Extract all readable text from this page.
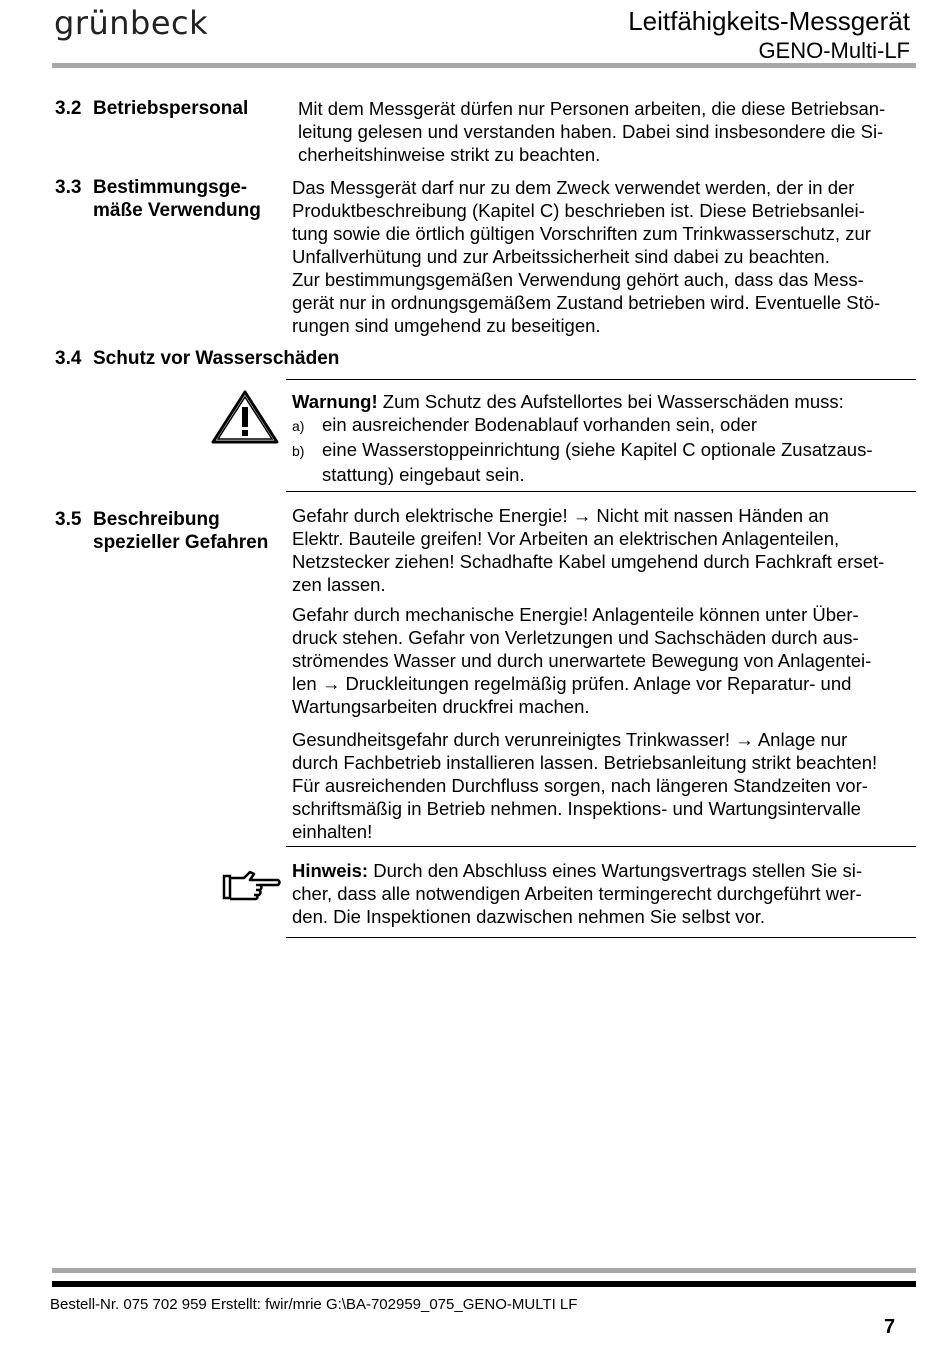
grünbeck	Leitfähigkeits-Messgerät
GENO-Multi-LF
3.2 Betriebspersonal	Mit dem Messgerät dürfen nur Personen arbeiten, die diese Betriebsan-

leitung gelesen und verstanden haben. Dabei sind insbesondere die Si-

cherheitshinweise strikt zu beachten.

3.3 Bestimmungsge-

mäße Verwendung

Das Messgerät darf nur zu dem Zweck verwendet werden, der in der

Produktbeschreibung (Kapitel C) beschrieben ist. Diese Betriebsanlei-

tung sowie die örtlich gültigen Vorschriften zum Trinkwasserschutz, zur

Unfallverhütung und zur Arbeitssicherheit sind dabei zu beachten.

Zur bestimmungsgemäßen Verwendung gehört auch, dass das Mess-

gerät nur in ordnungsgemäßem Zustand betrieben wird. Eventuelle Stö-

rungen sind umgehend zu beseitigen.

3.4 Schutz vor Wasserschäden

Warnung! Zum Schutz des Aufstellortes bei Wasserschäden muss:

a) ein ausreichender Bodenablauf vorhanden sein, oder

b) eine Wasserstoppeinrichtung (siehe Kapitel C optionale Zusatzaus-

stattung) eingebaut sein.

3.5 Beschreibung

spezieller Gefahren

Gefahr durch elektrische Energie! → Nicht mit nassen Händen an

Elektr. Bauteile greifen! Vor Arbeiten an elektrischen Anlagenteilen,

Netzstecker ziehen! Schadhafte Kabel umgehend durch Fachkraft erset-

zen lassen.

Gefahr durch mechanische Energie! Anlagenteile können unter Über-

druck stehen. Gefahr von Verletzungen und Sachschäden durch aus-

strömendes Wasser und durch unerwartete Bewegung von Anlagentei-

len → Druckleitungen regelmäßig prüfen. Anlage vor Reparatur- und

Wartungsarbeiten druckfrei machen.

Gesundheitsgefahr durch verunreinigtes Trinkwasser! → Anlage nur

durch Fachbetrieb installieren lassen. Betriebsanleitung strikt beachten!

Für ausreichenden Durchfluss sorgen, nach längeren Standzeiten vor-

schriftsmäßig in Betrieb nehmen. Inspektions- und Wartungsintervalle

einhalten!

Hinweis: Durch den Abschluss eines Wartungsvertrags stellen Sie si-

cher, dass alle notwendigen Arbeiten termingerecht durchgeführt wer-

den. Die Inspektionen dazwischen nehmen Sie selbst vor.

Bestell-Nr. 075 702 959 Erstellt: fwir/mrie G:\BA-702959_075_GENO-MULTI LF
7
